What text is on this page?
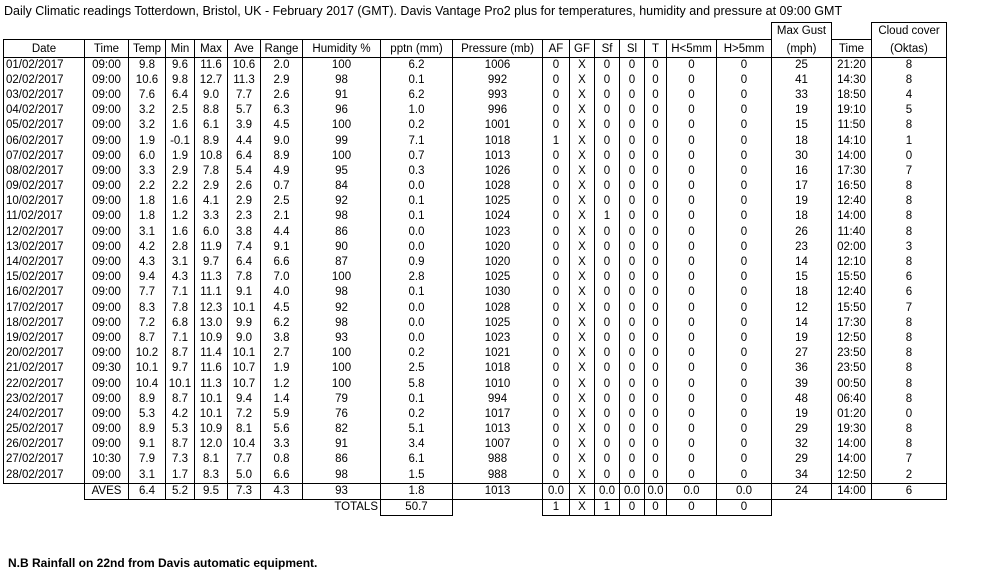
Daily Climatic readings Totterdown, Bristol, UK - February 2017 (GMT). Davis Vantage Pro2 plus for temperatures, humidity and pressure at 09:00 GMT
																	Max Gust		Cloud cover
Date	Time	Temp	Min	Max	Ave	Range	Humidity %	pptn (mm)	Pressure (mb)	AF	GF	Sf	Sl	T	H<5mm	H>5mm	(mph)	Time	(Oktas)
01/02/2017	09:00	9.8	9.6	11.6	10.6	2.0	100	6.2	1006	0	X	0	0	0	0	0	25	21:20	8
02/02/2017	09:00	10.6	9.8	12.7	11.3	2.9	98	0.1	992	0	X	0	0	0	0	0	41	14:30	8
03/02/2017	09:00	7.6	6.4	9.0	7.7	2.6	91	6.2	993	0	X	0	0	0	0	0	33	18:50	4
04/02/2017	09:00	3.2	2.5	8.8	5.7	6.3	96	1.0	996	0	X	0	0	0	0	0	19	19:10	5
05/02/2017	09:00	3.2	1.6	6.1	3.9	4.5	100	0.2	1001	0	X	0	0	0	0	0	15	11:50	8
06/02/2017	09:00	1.9	-0.1	8.9	4.4	9.0	99	7.1	1018	1	X	0	0	0	0	0	18	14:10	1
07/02/2017	09:00	6.0	1.9	10.8	6.4	8.9	100	0.7	1013	0	X	0	0	0	0	0	30	14:00	0
08/02/2017	09:00	3.3	2.9	7.8	5.4	4.9	95	0.3	1026	0	X	0	0	0	0	0	16	17:30	7
09/02/2017	09:00	2.2	2.2	2.9	2.6	0.7	84	0.0	1028	0	X	0	0	0	0	0	17	16:50	8
10/02/2017	09:00	1.8	1.6	4.1	2.9	2.5	92	0.1	1025	0	X	0	0	0	0	0	19	12:40	8
11/02/2017	09:00	1.8	1.2	3.3	2.3	2.1	98	0.1	1024	0	X	1	0	0	0	0	18	14:00	8
12/02/2017	09:00	3.1	1.6	6.0	3.8	4.4	86	0.0	1023	0	X	0	0	0	0	0	26	11:40	8
13/02/2017	09:00	4.2	2.8	11.9	7.4	9.1	90	0.0	1020	0	X	0	0	0	0	0	23	02:00	3
14/02/2017	09:00	4.3	3.1	9.7	6.4	6.6	87	0.9	1020	0	X	0	0	0	0	0	14	12:10	8
15/02/2017	09:00	9.4	4.3	11.3	7.8	7.0	100	2.8	1025	0	X	0	0	0	0	0	15	15:50	6
16/02/2017	09:00	7.7	7.1	11.1	9.1	4.0	98	0.1	1030	0	X	0	0	0	0	0	18	12:40	6
17/02/2017	09:00	8.3	7.8	12.3	10.1	4.5	92	0.0	1028	0	X	0	0	0	0	0	12	15:50	7
18/02/2017	09:00	7.2	6.8	13.0	9.9	6.2	98	0.0	1025	0	X	0	0	0	0	0	14	17:30	8
19/02/2017	09:00	8.7	7.1	10.9	9.0	3.8	93	0.0	1023	0	X	0	0	0	0	0	19	12:50	8
20/02/2017	09:00	10.2	8.7	11.4	10.1	2.7	100	0.2	1021	0	X	0	0	0	0	0	27	23:50	8
21/02/2017	09:30	10.1	9.7	11.6	10.7	1.9	100	2.5	1018	0	X	0	0	0	0	0	36	23:50	8
22/02/2017	09:00	10.4	10.1	11.3	10.7	1.2	100	5.8	1010	0	X	0	0	0	0	0	39	00:50	8
23/02/2017	09:00	8.9	8.7	10.1	9.4	1.4	79	0.1	994	0	X	0	0	0	0	0	48	06:40	8
24/02/2017	09:00	5.3	4.2	10.1	7.2	5.9	76	0.2	1017	0	X	0	0	0	0	0	19	01:20	0
25/02/2017	09:00	8.9	5.3	10.9	8.1	5.6	82	5.1	1013	0	X	0	0	0	0	0	29	19:30	8
26/02/2017	09:00	9.1	8.7	12.0	10.4	3.3	91	3.4	1007	0	X	0	0	0	0	0	32	14:00	8
27/02/2017	10:30	7.9	7.3	8.1	7.7	0.8	86	6.1	988	0	X	0	0	0	0	0	29	14:00	7
28/02/2017	09:00	3.1	1.7	8.3	5.0	6.6	98	1.5	988	0	X	0	0	0	0	0	34	12:50	2
	AVES	6.4	5.2	9.5	7.3	4.3	93	1.8	1013	0.0	X	0.0	0.0	0.0	0.0	0.0	24	14:00	6
							TOTALS	50.7		1	X	1	0	0	0	0			
N.B Rainfall on 22nd from Davis automatic equipment.
